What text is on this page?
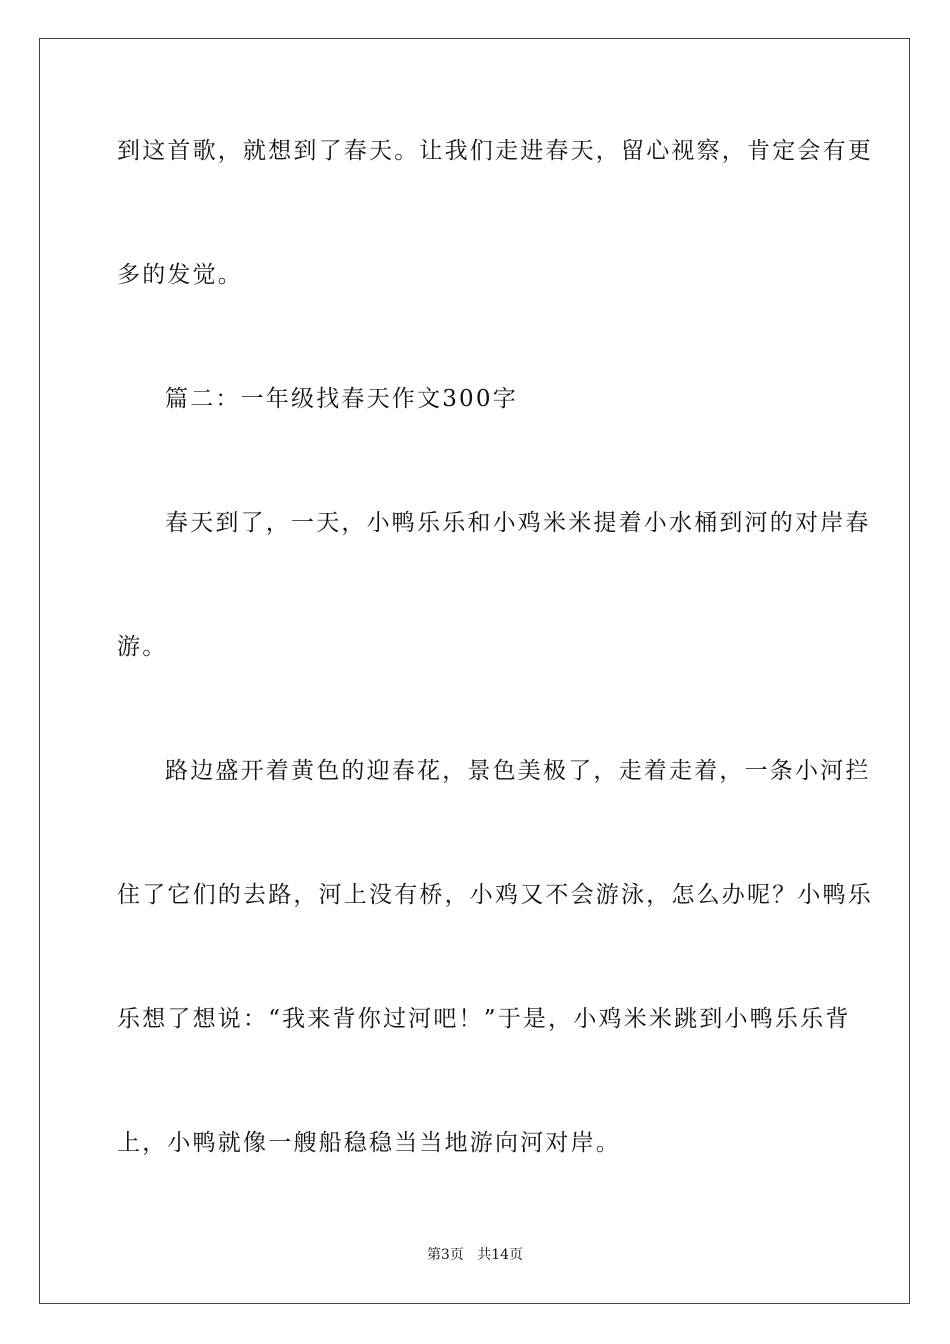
到这首歌，就想到了春天。让我们走进春天，留心视察，肯定会有更
多的发觉。
篇二：一年级找春天作文300字
春天到了，一天，小鸭乐乐和小鸡米米提着小水桶到河的对岸春
游。
路边盛开着黄色的迎春花，景色美极了，走着走着，一条小河拦
住了它们的去路，河上没有桥，小鸡又不会游泳，怎么办呢？小鸭乐
乐想了想说：“我来背你过河吧！”于是，小鸡米米跳到小鸭乐乐背
上，小鸭就像一艘船稳稳当当地游向河对岸。
第3页 共14页
